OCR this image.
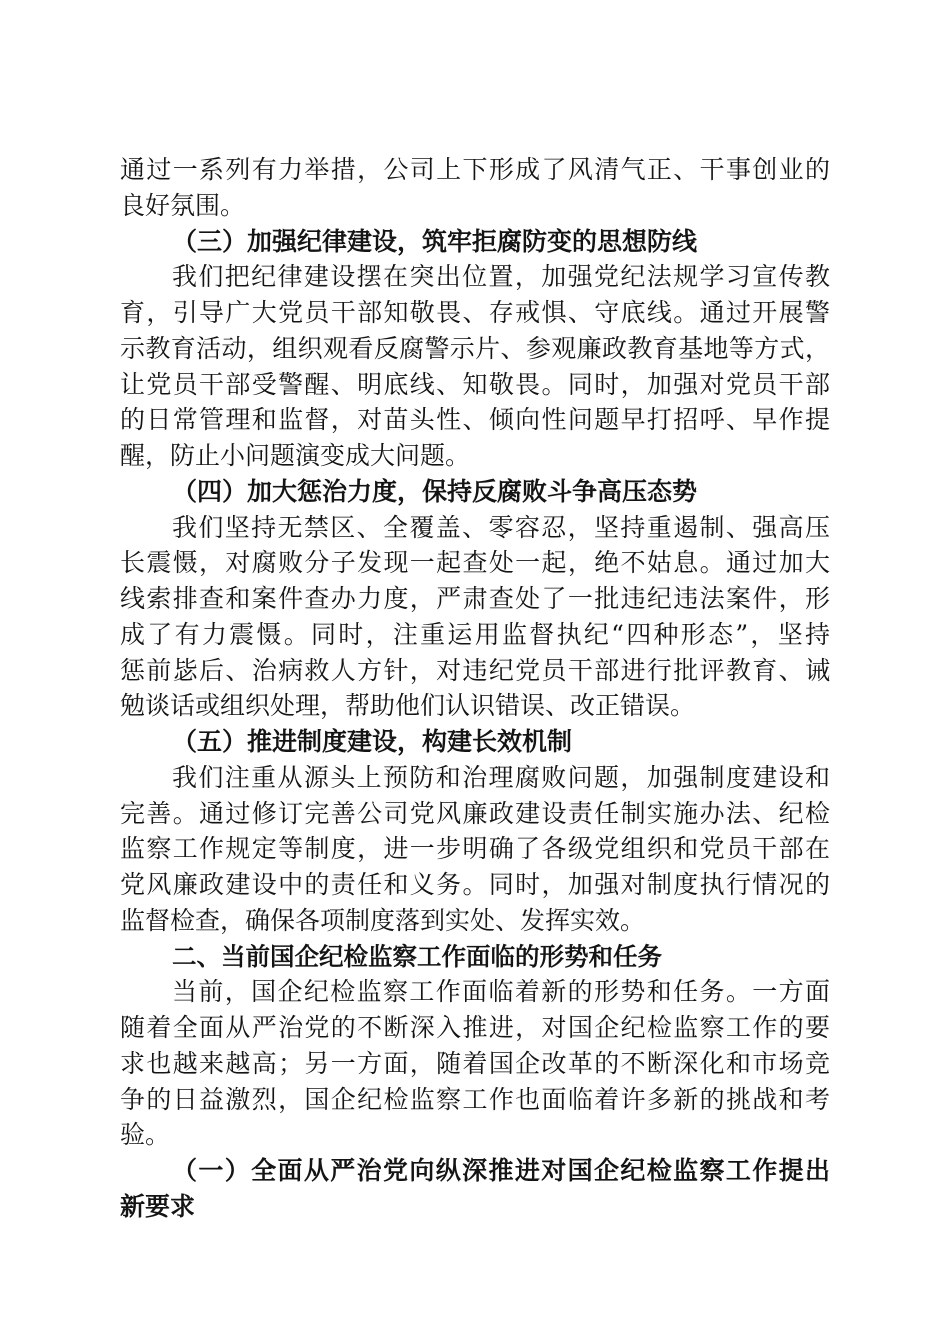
通过一系列有力举措，公司上下形成了风清气正、干事创业的
良好氛围。
（三）加强纪律建设，筑牢拒腐防变的思想防线
我们把纪律建设摆在突出位置，加强党纪法规学习宣传教
育，引导广大党员干部知敬畏、存戒惧、守底线。通过开展警
示教育活动，组织观看反腐警示片、参观廉政教育基地等方式，
让党员干部受警醒、明底线、知敬畏。同时，加强对党员干部
的日常管理和监督，对苗头性、倾向性问题早打招呼、早作提
醒，防止小问题演变成大问题。
（四）加大惩治力度，保持反腐败斗争高压态势
我们坚持无禁区、全覆盖、零容忍，坚持重遏制、强高压
长震慑，对腐败分子发现一起查处一起，绝不姑息。通过加大
线索排查和案件查办力度，严肃查处了一批违纪违法案件，形
成了有力震慑。同时，注重运用监督执纪“四种形态”，坚持
惩前毖后、治病救人方针，对违纪党员干部进行批评教育、诫
勉谈话或组织处理，帮助他们认识错误、改正错误。
（五）推进制度建设，构建长效机制
我们注重从源头上预防和治理腐败问题，加强制度建设和
完善。通过修订完善公司党风廉政建设责任制实施办法、纪检
监察工作规定等制度，进一步明确了各级党组织和党员干部在
党风廉政建设中的责任和义务。同时，加强对制度执行情况的
监督检查，确保各项制度落到实处、发挥实效。
二、当前国企纪检监察工作面临的形势和任务
当前，国企纪检监察工作面临着新的形势和任务。一方面
随着全面从严治党的不断深入推进，对国企纪检监察工作的要
求也越来越高；另一方面，随着国企改革的不断深化和市场竞
争的日益激烈，国企纪检监察工作也面临着许多新的挑战和考
验。
（一）全面从严治党向纵深推进对国企纪检监察工作提出
新要求
